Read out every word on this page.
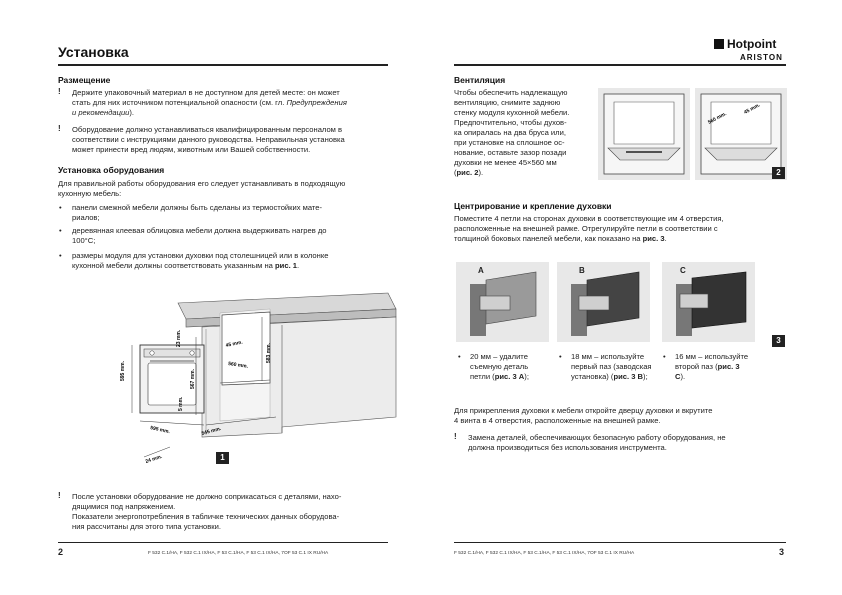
Установка
Размещение
! Держите упаковочный материал в не доступном для детей месте: он может
стать для них источником потенциальной опасности (см. гл. Предупреждения
и рекомендации).
! Оборудование должно устанавливаться квалифицированным персоналом в
соответствии с инструкциями данного руководства. Неправильная установка
может принести вред людям, животным или Вашей собственности.
Установка оборудования
Для правильной работы оборудования его следует устанавливать в подходящую
кухонную мебель:
• панели смежной мебели должны быть сделаны из термостойких мате-
риалов;
• деревянная клеевая облицовка мебели должна выдерживать нагрев до
100°С;
• размеры модуля для установки духовки под столешницей или в колонке
кухонной мебели должны соответствовать указанным на рис. 1.
595 mm.
23 mm.
567 mm.
5 mm.
595 mm.	545 mm.
24 mm.
45 mm.
560 mm.
583 mm.
1
! После установки оборудование не должно соприкасаться с деталями, нахо-
дящимися под напряжением.
Показатели энергопотребления в табличке технических данных оборудова-
ния рассчитаны для этого типа установки.
2	F 532 C.1/HA, F 532 C.1 IX/HA, F 53 C.1/HA, F 53 C.1 IX/HA, 7OF 53 C.1 IX RU/HA
Hotpoint
ARISTON
Вентиляция
Чтобы обеспечить надлежащую
вентиляцию, снимите заднюю
стенку модуля кухонной мебели.
Предпочтительно, чтобы духов-
ка опиралась на два бруса или,
при установке на сплошное ос-
нование, оставьте зазор позади
духовки не менее 45×560 мм
(рис. 2).
560 mm.
45 mm.
2
Центрирование и крепление духовки
Поместите 4 петли на сторонах духовки в соответствующие им 4 отверстия,
расположенные на внешней рамке. Отрегулируйте петли в соответствии с
толщиной боковых панелей мебели, как показано на рис. 3.
A	B	C
3
• 20 мм – удалите
съемную деталь
петли (рис. 3 A);
• 18 мм – используйте
первый паз (заводская
установка) (рис. 3 B);
• 16 мм – используйте
второй паз (рис. 3
C).
Для прикрепления духовки к мебели откройте дверцу духовки и вкрутите
4 винта в 4 отверстия, расположенные на внешней рамке.
! Замена деталей, обеспечивающих безопасную работу оборудования, не
должна производиться без использования инструмента.
F 532 C.1/HA, F 532 C.1 IX/HA, F 53 C.1/HA, F 53 C.1 IX/HA, 7OF 53 C.1 IX RU/HA	3
